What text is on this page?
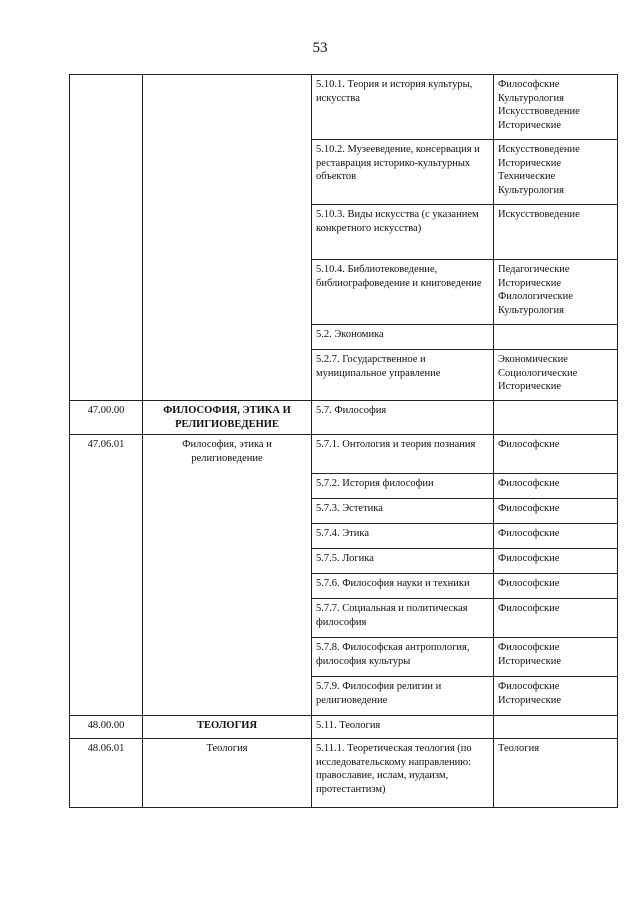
53
		5.10.1. Теория и история культуры, искусства	Философские
Культурология
Искусствоведение
Исторические

		5.10.2. Музееведение, консервация и реставрация историко-культурных объектов	Искусствоведение
Исторические
Технические
Культурология

		5.10.3. Виды искусства (с указанием конкретного искусства)	Искусствоведение

		5.10.4. Библиотековедение, библиографоведение и книговедение	Педагогические
Исторические
Филологические
Культурология

		5.2. Экономика	
		5.2.7. Государственное и муниципальное управление	Экономические
Социологические
Исторические

47.00.00	ФИЛОСОФИЯ, ЭТИКА И РЕЛИГИОВЕДЕНИЕ	5.7. Философия	
47.06.01	Философия, этика и религиоведение	5.7.1. Онтология и теория познания	Философские

		5.7.2. История философии	Философские

		5.7.3. Эстетика	Философские

		5.7.4. Этика	Философские

		5.7.5. Логика	Философские

		5.7.6. Философия науки и техники	Философские

		5.7.7. Социальная и политическая философия	Философские

		5.7.8. Философская антропология, философия культуры	Философские
Исторические

		5.7.9. Философия религии и религиоведение	Философские
Исторические

48.00.00	ТЕОЛОГИЯ	5.11. Теология	
48.06.01	Теология	5.11.1. Теоретическая теология (по исследовательскому направлению: православие, ислам, иудаизм, протестантизм)	Теология
